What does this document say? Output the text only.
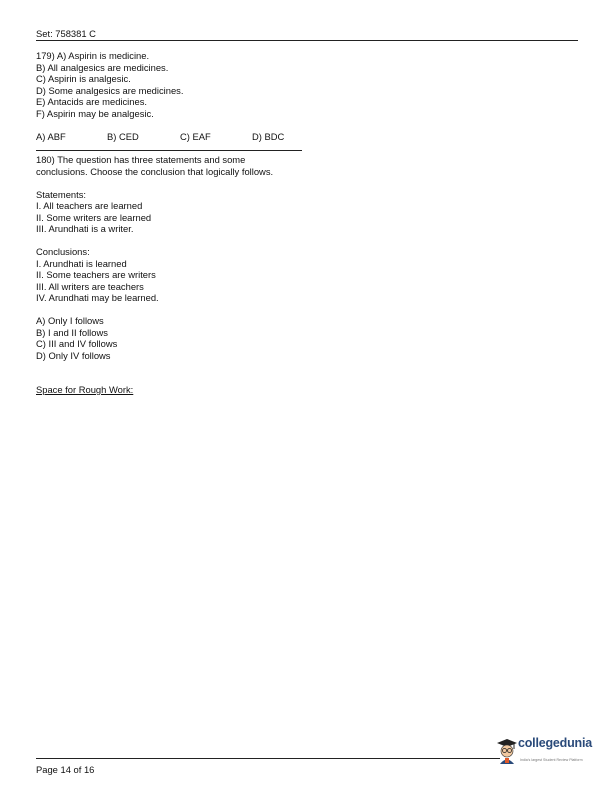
Set: 758381 C
179) A) Aspirin is medicine.
B) All analgesics are medicines.
C) Aspirin is analgesic.
D) Some analgesics are medicines.
E) Antacids are medicines.
F) Aspirin may be analgesic.
A) ABF	B) CED	C) EAF	D) BDC
180) The question has three statements and some
conclusions. Choose the conclusion that logically follows.
Statements:
I. All teachers are learned
II. Some writers are learned
III. Arundhati is a writer.
Conclusions:
I. Arundhati is learned
II. Some teachers are writers
III. All writers are teachers
IV. Arundhati may be learned.
A) Only I follows
B) I and II follows
C) III and IV follows
D) Only IV follows
Space for Rough Work:
Page 14 of 16
collegedunia
India's largest Student Review Platform
